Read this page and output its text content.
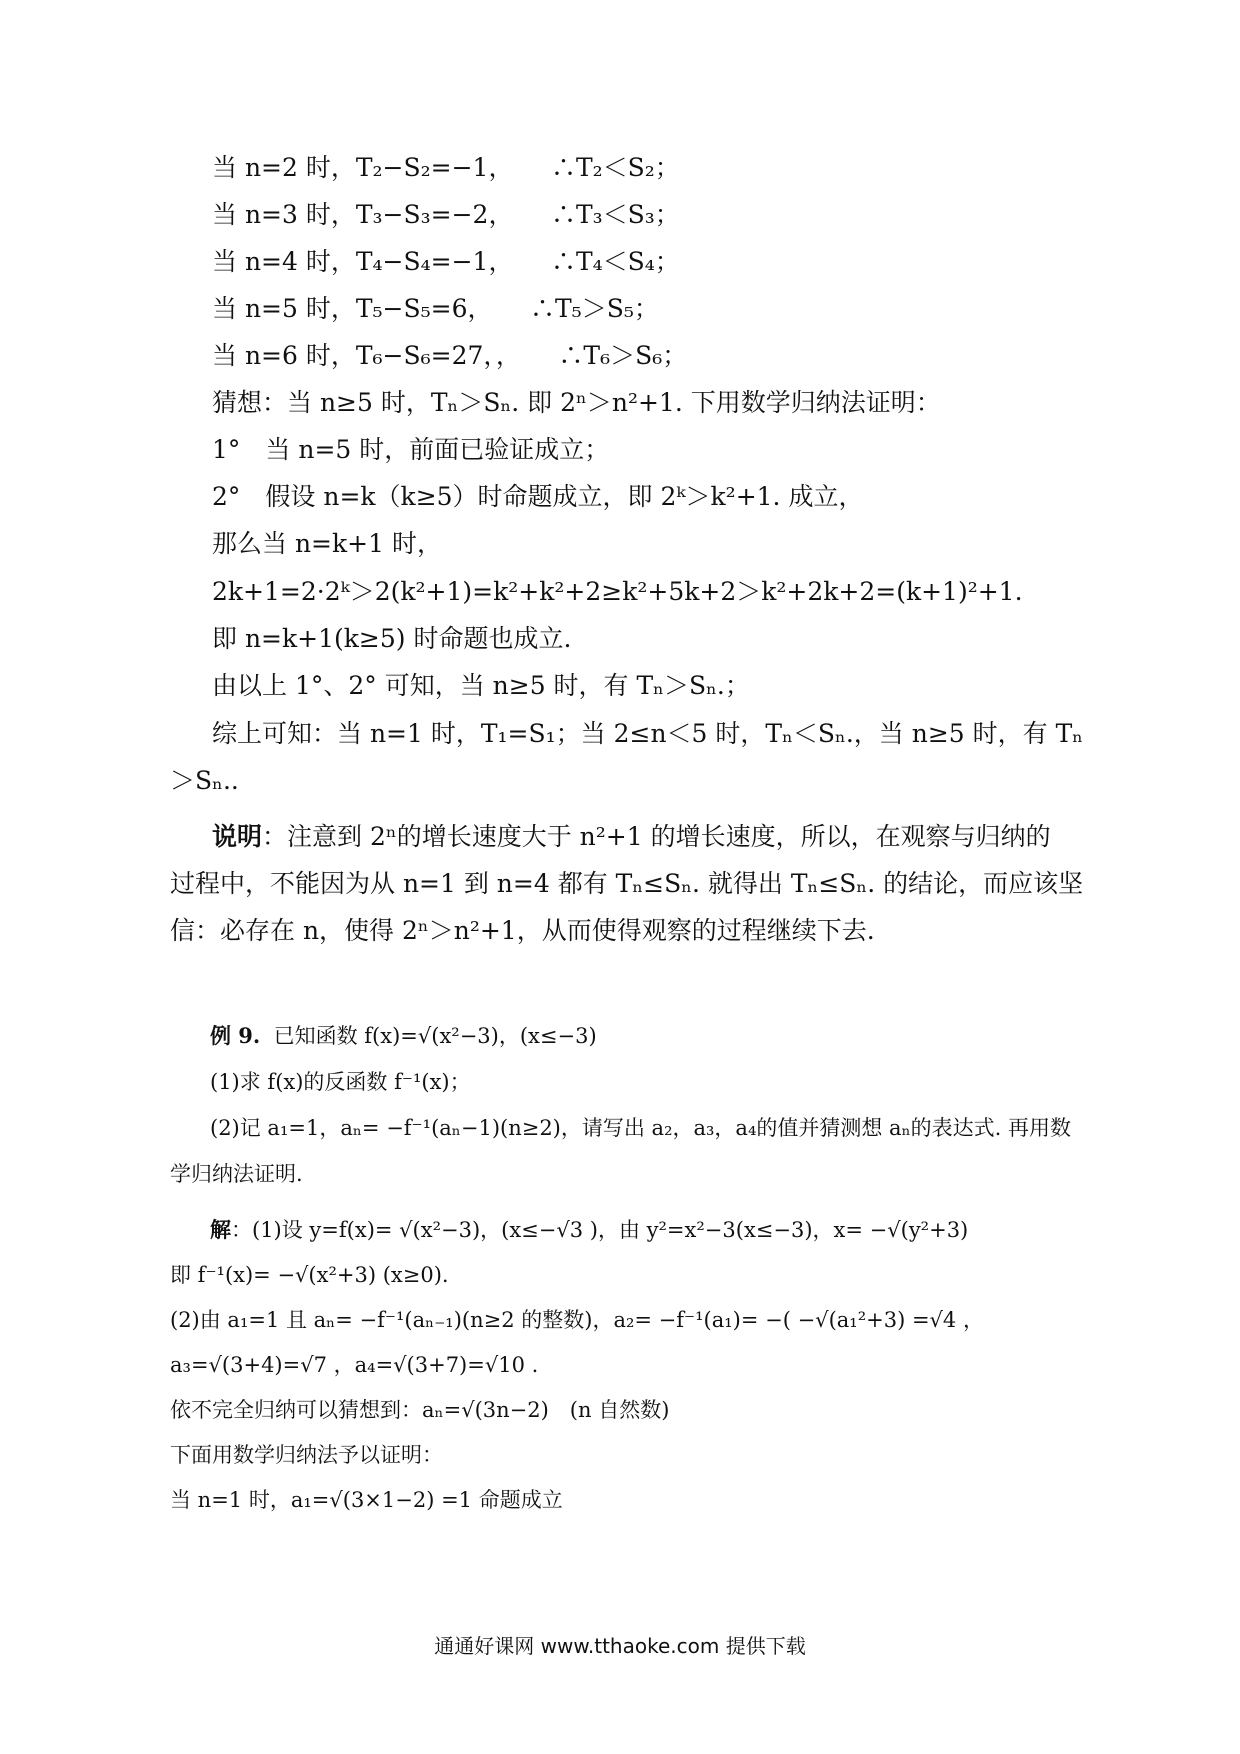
当 n=2 时，T₂−S₂=−1，　　∴T₂＜S₂；
当 n=3 时，T₃−S₃=−2，　　∴T₃＜S₃；
当 n=4 时，T₄−S₄=−1，　　∴T₄＜S₄；
当 n=5 时，T₅−S₅=6，　　∴T₅＞S₅；
当 n=6 时，T₆−S₆=27，，　　∴T₆＞S₆；
猜想：当 n≥5 时，Tₙ＞Sₙ. 即 2ⁿ＞n²+1. 下用数学归纳法证明：
1°　当 n=5 时，前面已验证成立；
2°　假设 n=k（k≥5）时命题成立，即 2ᵏ＞k²+1. 成立，
那么当 n=k+1 时，
2k+1=2·2ᵏ＞2(k²+1)=k²+k²+2≥k²+5k+2＞k²+2k+2=(k+1)²+1.
即 n=k+1(k≥5) 时命题也成立.
由以上 1°、2° 可知，当 n≥5 时，有 Tₙ＞Sₙ.；
综上可知：当 n=1 时，T₁=S₁；当 2≤n＜5 时，Tₙ＜Sₙ.，当 n≥5 时，有 Tₙ
＞Sₙ..
说明：注意到 2ⁿ的增长速度大于 n²+1 的增长速度，所以，在观察与归纳的
过程中，不能因为从 n=1 到 n=4 都有 Tₙ≤Sₙ. 就得出 Tₙ≤Sₙ. 的结论，而应该坚
信：必存在 n，使得 2ⁿ＞n²+1，从而使得观察的过程继续下去.
例 9. 已知函数 f(x)=√(x²−3)，(x≤−3)
(1)求 f(x)的反函数 f⁻¹(x)；
(2)记 a₁=1，aₙ= −f⁻¹(aₙ−1)(n≥2)，请写出 a₂，a₃，a₄的值并猜测想 aₙ的表达式. 再用数
学归纳法证明.
解：(1)设 y=f(x)= √(x²−3)，(x≤−√3 )，由 y²=x²−3(x≤−3)，x= −√(y²+3)
即 f⁻¹(x)= −√(x²+3) (x≥0).
(2)由 a₁=1 且 aₙ= −f⁻¹(aₙ₋₁)(n≥2 的整数)，a₂= −f⁻¹(a₁)= −( −√(a₁²+3) =√4 ，
a₃=√(3+4)=√7 ，a₄=√(3+7)=√10 .
依不完全归纳可以猜想到：aₙ=√(3n−2)　(n 自然数)
下面用数学归纳法予以证明：
当 n=1 时，a₁=√(3×1−2) =1 命题成立
通通好课网 www.tthaoke.com 提供下载
